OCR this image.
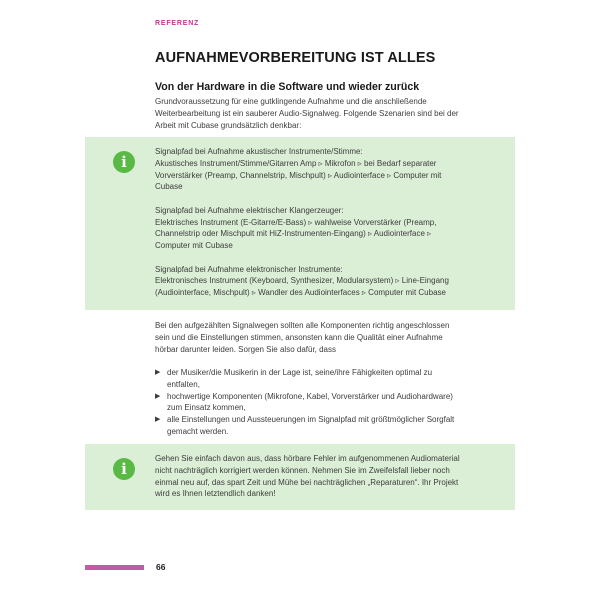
REFERENZ
AUFNAHMEVORBEREITUNG IST ALLES
Von der Hardware in die Software und wieder zurück
Grundvoraussetzung für eine gutklingende Aufnahme und die anschließende Weiterbearbeitung ist ein sauberer Audio-Signalweg. Folgende Szenarien sind bei der Arbeit mit Cubase grundsätzlich denkbar:
i

Signalpfad bei Aufnahme akustischer Instrumente/Stimme:
Akustisches Instrument/Stimme/Gitarren Amp ▹ Mikrofon ▹ bei Bedarf separater Vorverstärker (Preamp, Channelstrip, Mischpult) ▹ Audiointerface ▹ Computer mit Cubase

Signalpfad bei Aufnahme elektrischer Klangerzeuger:
Elektrisches Instrument (E-Gitarre/E-Bass) ▹ wahlweise Vorverstärker (Preamp, Channelstrip oder Mischpult mit HiZ-Instrumenten-Eingang) ▹ Audiointerface ▹ Computer mit Cubase

Signalpfad bei Aufnahme elektronischer Instrumente:
Elektronisches Instrument (Keyboard, Synthesizer, Modularsystem) ▹ Line-Eingang (Audiointerface, Mischpult) ▹ Wandler des Audiointerfaces ▹ Computer mit Cubase

Bei den aufgezählten Signalwegen sollten alle Komponenten richtig angeschlossen sein und die Einstellungen stimmen, ansonsten kann die Qualität einer Aufnahme hörbar darunter leiden. Sorgen Sie also dafür, dass
▶ der Musiker/die Musikerin in der Lage ist, seine/ihre Fähigkeiten optimal zu entfalten,
▶ hochwertige Komponenten (Mikrofone, Kabel, Vorverstärker und Audiohardware) zum Einsatz kommen,
▶ alle Einstellungen und Aussteuerungen im Signalpfad mit größtmöglicher Sorgfalt gemacht werden.
i
Gehen Sie einfach davon aus, dass hörbare Fehler im aufgenommenen Audiomaterial nicht nachträglich korrigiert werden können. Nehmen Sie im Zweifelsfall lieber noch einmal neu auf, das spart Zeit und Mühe bei nachträglichen „Reparaturen“. Ihr Projekt wird es Ihnen letztendlich danken!
66
